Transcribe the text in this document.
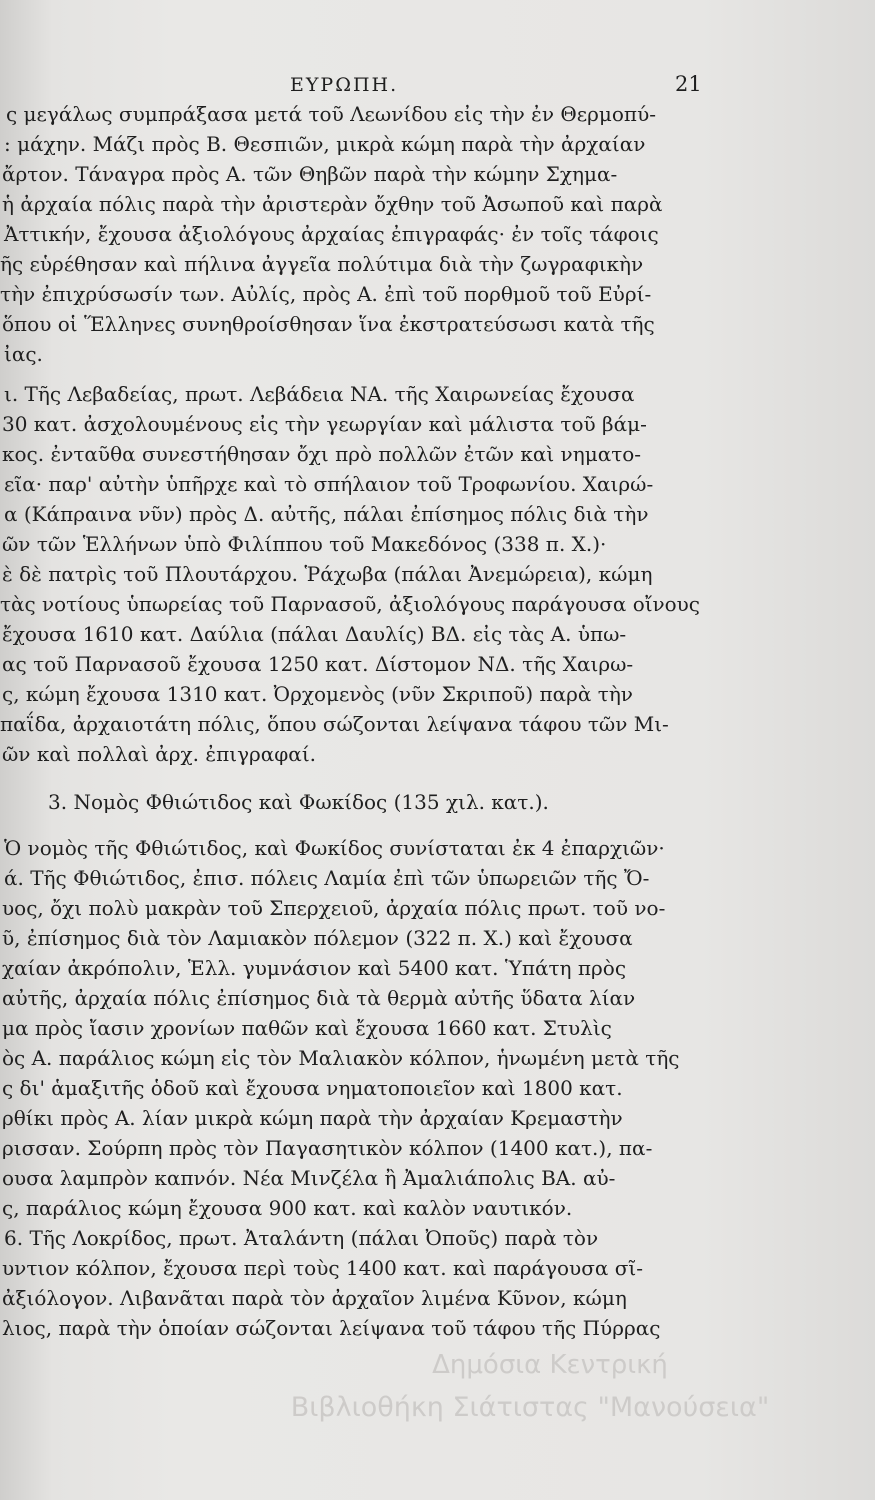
ΕΥΡΩΠΗ.	21
ς μεγάλως συμπράξασα μετά τοῦ Λεωνίδου εἰς τὴν ἐν Θερμοπύ-
: μάχην. Μάζι πρὸς Β. Θεσπιῶν, μικρὰ κώμη παρὰ τὴν ἀρχαίαν
ἄρτον. Τάναγρα πρὸς Α. τῶν Θηβῶν παρὰ τὴν κώμην Σχημα-
ἡ ἀρχαία πόλις παρὰ τὴν ἀριστερὰν ὄχθην τοῦ Ἀσωποῦ καὶ παρὰ
Ἀττικήν, ἔχουσα ἀξιολόγους ἀρχαίας ἐπιγραφάς· ἐν τοῖς τάφοις
ῆς εὑρέθησαν καὶ πήλινα ἀγγεῖα πολύτιμα διὰ τὴν ζωγραφικὴν
τὴν ἐπιχρύσωσίν των. Αὐλίς, πρὸς Α. ἐπὶ τοῦ πορθμοῦ τοῦ Εὐρί-
ὅπου οἱ Ἕλληνες συνηθροίσθησαν ἵνα ἐκστρατεύσωσι κατὰ τῆς
ἰας.
ι. Τῆς Λεβαδείας, πρωτ. Λεβάδεια ΝΑ. τῆς Χαιρωνείας ἔχουσα
30 κατ. ἀσχολουμένους εἰς τὴν γεωργίαν καὶ μάλιστα τοῦ βάμ-
κος. ἐνταῦθα συνεστήθησαν ὄχι πρὸ πολλῶν ἐτῶν καὶ νηματο-
εῖα· παρ' αὐτὴν ὑπῆρχε καὶ τὸ σπήλαιον τοῦ Τροφωνίου. Χαιρώ-
α (Κάπραινα νῦν) πρὸς Δ. αὐτῆς, πάλαι ἐπίσημος πόλις διὰ τὴν
ῶν τῶν Ἑλλήνων ὑπὸ Φιλίππου τοῦ Μακεδόνος (338 π. Χ.)·
ὲ δὲ πατρὶς τοῦ Πλουτάρχου. Ῥάχωβα (πάλαι Ἀνεμώρεια), κώμη
τὰς νοτίους ὑπωρείας τοῦ Παρνασοῦ, ἀξιολόγους παράγουσα οἴνους
ἔχουσα 1610 κατ. Δαύλια (πάλαι Δαυλίς) ΒΔ. εἰς τὰς Α. ὑπω-
ας τοῦ Παρνασοῦ ἔχουσα 1250 κατ. Δίστομον ΝΔ. τῆς Χαιρω-
ς, κώμη ἔχουσα 1310 κατ. Ὀρχομενὸς (νῦν Σκριποῦ) παρὰ τὴν
παΐδα, ἀρχαιοτάτη πόλις, ὅπου σώζονται λείψανα τάφου τῶν Μι-
ῶν καὶ πολλαὶ ἀρχ. ἐπιγραφαί.
3. Νομὸς Φθιώτιδος καὶ Φωκίδος (135 χιλ. κατ.).
Ὁ νομὸς τῆς Φθιώτιδος, καὶ Φωκίδος συνίσταται ἐκ 4 ἐπαρχιῶν·
ά. Τῆς Φθιώτιδος, ἐπισ. πόλεις Λαμία ἐπὶ τῶν ὑπωρειῶν τῆς Ὄ-
υος, ὄχι πολὺ μακρὰν τοῦ Σπερχειοῦ, ἀρχαία πόλις πρωτ. τοῦ νο-
ῦ, ἐπίσημος διὰ τὸν Λαμιακὸν πόλεμον (322 π. Χ.) καὶ ἔχουσα
χαίαν ἀκρόπολιν, Ἑλλ. γυμνάσιον καὶ 5400 κατ. Ὑπάτη πρὸς
αὐτῆς, ἀρχαία πόλις ἐπίσημος διὰ τὰ θερμὰ αὐτῆς ὕδατα λίαν
μα πρὸς ἴασιν χρονίων παθῶν καὶ ἔχουσα 1660 κατ. Στυλὶς
ὸς Α. παράλιος κώμη εἰς τὸν Μαλιακὸν κόλπον, ἡνωμένη μετὰ τῆς
ς δι' ἁμαξιτῆς ὁδοῦ καὶ ἔχουσα νηματοποιεῖον καὶ 1800 κατ.
ρθίκι πρὸς Α. λίαν μικρὰ κώμη παρὰ τὴν ἀρχαίαν Κρεμαστὴν
ρισσαν. Σούρπη πρὸς τὸν Παγασητικὸν κόλπον (1400 κατ.), πα-
ουσα λαμπρὸν καπνόν. Νέα Μινζέλα ἢ Ἀμαλιάπολις ΒΑ. αὐ-
ς, παράλιος κώμη ἔχουσα 900 κατ. καὶ καλὸν ναυτικόν.
6. Τῆς Λοκρίδος, πρωτ. Ἀταλάντη (πάλαι Ὀποῦς) παρὰ τὸν
υντιον κόλπον, ἔχουσα περὶ τοὺς 1400 κατ. καὶ παράγουσα σῖ-
ἀξιόλογον. Λιβανᾶται παρὰ τὸν ἀρχαῖον λιμένα Κῦνον, κώμη
λιος, παρὰ τὴν ὁποίαν σώζονται λείψανα τοῦ τάφου τῆς Πύρρας
Δημόσια Κεντρική
Βιβλιοθήκη Σιάτιστας "Μανούσεια"
